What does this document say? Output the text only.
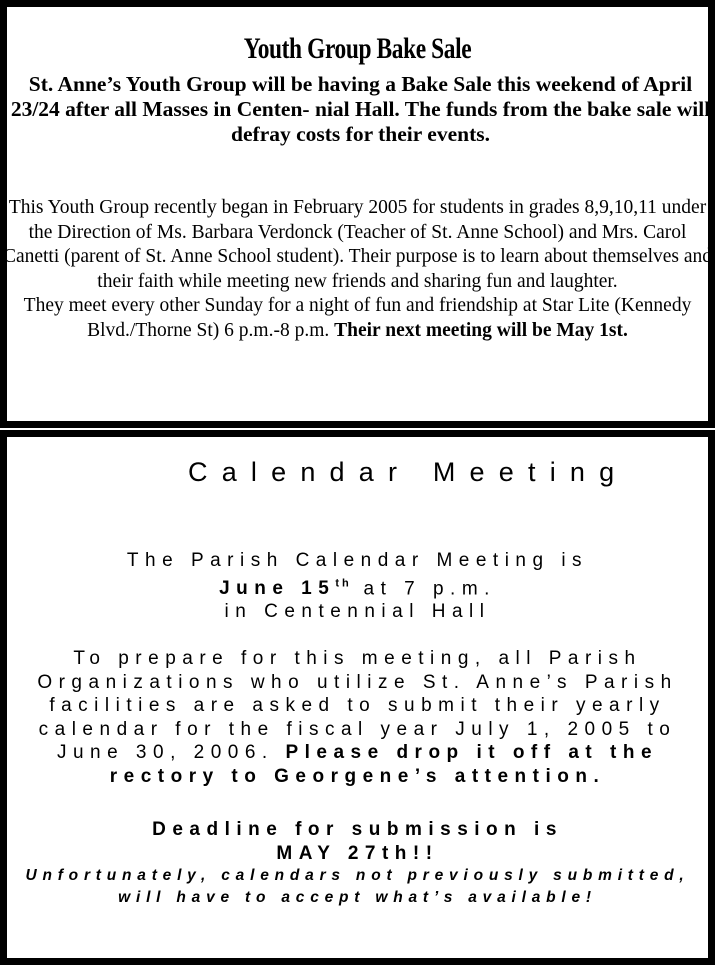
Youth Group Bake Sale
St. Anne’s Youth Group will be having a Bake Sale this weekend of April 23/24 after all Masses in Centen- nial Hall. The funds from the bake sale will defray costs for their events.
This Youth Group recently began in February 2005 for students in grades 8,9,10,11 under the Direction of Ms. Barbara Verdonck (Teacher of St. Anne School) and Mrs. Carol Canetti (parent of St. Anne School student). Their purpose is to learn about themselves and their faith while meeting new friends and sharing fun and laughter.
They meet every other Sunday for a night of fun and friendship at Star Lite (Kennedy Blvd./Thorne St) 6 p.m.-8 p.m. Their next meeting will be May 1st.
Calendar Meeting
The Parish Calendar Meeting is
June 15th at 7 p.m.
in Centennial Hall
To prepare for this meeting, all Parish Organizations who utilize St. Anne’s Parish facilities are asked to submit their yearly calendar for the fiscal year July 1, 2005 to June 30, 2006. Please drop it off at the rectory to Georgene’s attention.
Deadline for submission is
MAY 27th!!
Unfortunately, calendars not previously submitted, will have to accept what’s available!
